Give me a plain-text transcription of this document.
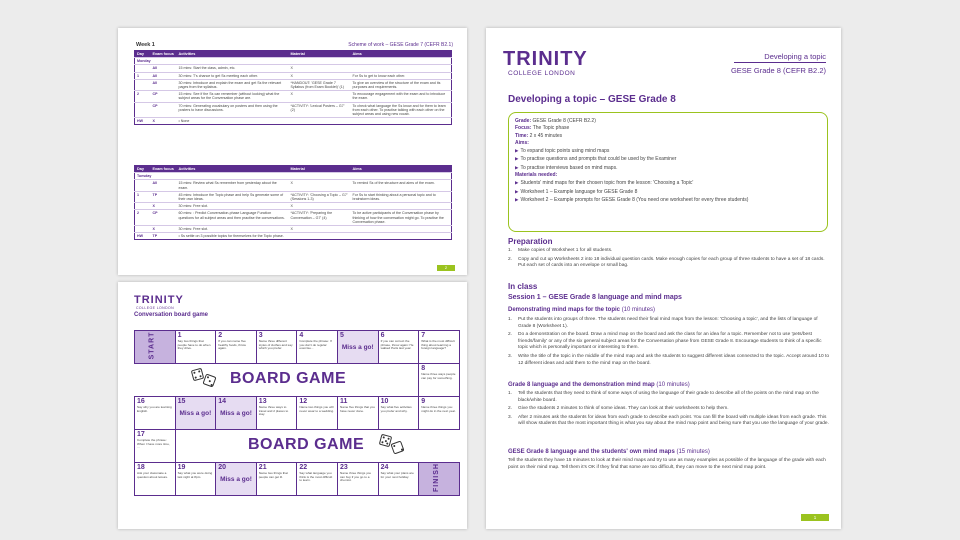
Week 1	Scheme of work – GESE Grade 7 (CEFR B2.1)
Day	Exam focus	Activities	Material	Aims
Monday				
	All	15 mins: Start the class, admin, etc.	X	
1	All	30 mins: T's chance to get Ss meeting each other.	X	For Ss to get to know each other.
	All	30 mins: Introduce and explain the exam and get Ss the relevant pages from the syllabus.	*HANDOUT: 'GESE Grade 7 Syllabus (from Exam Booklet)' (1)	To give an overview of the structure of the exam and its purposes and requirements.
2	CP	15 mins: See if the Ss can remember (without looking) what the subject areas for the Conversation phase are.	X	To encourage engagement with the exam and to introduce the exam.
	CP	70 mins: Generating vocabulary on posters and then using the posters to have discussions.	*ACTIVITY: 'Lexical Posters – G7' (2)	To check what language the Ss know and for them to learn from each other. To practise talking with each other on the subject areas and using new vocab.
HW	X	• None		
Day	Exam focus	Activities	Material	Aims
Tuesday				
	All	15 mins: Review what Ss remember from yesterday about the exam.	X	To remind Ss of the structure and aims of the exam.
1	TP	45 mins: Introduce the Topic phase and help Ss generate some of their own ideas.	*ACTIVITY: 'Choosing a Topic – G7' (Sessions 1-3)	For Ss to start thinking about a personal topic and to brainstorm ideas.
	X	30 mins: Free slot.	X	
2	CP	60 mins: : Predict Conversation-phase Language Function questions for all subject areas and then practise the conversations.	*ACTIVITY: 'Preparing the Conversation – G7' (4)	To be active participants of the Conversation phase by thinking of how the conversation might go. To practise the Conversation phase.
	X	30 mins: Free slot.	X	
HW	TP	• Ss settle on 3 possible topics for themselves for the Topic phase.		
2
TRINITY
COLLEGE LONDON
Conversation board game
START	1
Say two things that people have to do when they drive.
2
If you can name five healthy foods, throw again.
3
Name three different styles of clothes and say which you prefer.
4
Complete the phrase: If you don't do regular exercise...
5
Miss a go!
6
If you can correct the phrase, throw again: He walked Paris last year.
7
What is the most difficult thing about learning a foreign language?
8
Name three ways people can pay for something.
9
Name three things you might do in the next year.
10
Say what five activities you prefer and why.
11
Name five things that you have never done.
12
Name two things you will never wear to a wedding.
13
Name three ways to travel and 2 places to stay.
14
Miss a go!
15
Miss a go!
16
Say why you are learning English.
17
Complete the phrase: When I have more time, ...
18
Ask your classmate a question about leisure.
19
Say what you were doing last night at 8pm.
20
Miss a go!
21
Name two things that people can get ill.
22
Say what language you think is the most difficult to learn.
23
Name three things you can buy if you go to a chemist.
24
Say what your plans are for your next holiday.	FINISH
BOARD GAME
BOARD GAME
TRINITY
COLLEGE LONDON
Developing a topic
GESE Grade 8 (CEFR B2.2)
Developing a topic – GESE Grade 8
Grade: GESE Grade 8 (CEFR B2.2)
Focus: The Topic phase
Time: 2 x 45 minutes
Aims:
▶ To expand topic points using mind maps
▶ To practise questions and prompts that could be used by the Examiner
▶ To practise interviews based on mind maps.
Materials needed:
▶ Students' mind maps for their chosen topic from the lesson: 'Choosing a Topic'
▶ Worksheet 1 – Example language for GESE Grade 8
▶ Worksheet 2 – Example prompts for GESE Grade 8 (You need one worksheet for every three students)
Preparation
1.	Make copies of Worksheet 1 for all students.
2.	Copy and cut up Worksheets 2 into 18 individual question cards. Make enough copies for each group of three students to have a set of 18 cards. Put each set of cards into an envelope or small bag.
In class
Session 1 – GESE Grade 8 language and mind maps
Demonstrating mind maps for the topic (10 minutes)
1.	Put the students into groups of three. The students need their final mind maps from the lesson: 'Choosing a topic', and the lists of language of Grade 8 (Worksheet 1).
2.	Do a demonstration on the board. Draw a mind map on the board and ask the class for an idea for a topic. Remember not to use 'pets/best friends/family' or any of the six general subject areas for the Conversation phase from GESE Grade 8. Encourage students to think of a specific topic which is personally important or interesting to them.
3.	Write the title of the topic in the middle of the mind map and ask the students to suggest different ideas connected to the topic. Accept around 10 to 12 different ideas and add them to the mind map on the board.
Grade 8 language and the demonstration mind map (10 minutes)
1.	Tell the students that they need to think of some ways of using the language of their grade to describe all of the points on the mind map on the black/white board.
2.	Give the students 2 minutes to think of some ideas. They can look at their worksheets to help them.
3.	After 2 minutes ask the students for ideas from each grade to describe each point. You can fill the board with multiple ideas from each grade. This will show students that the most important thing is what you say about the mind map point and being sure that you use the language of your grade.
GESE Grade 8 language and the students' own mind maps (15 minutes)
Tell the students they have 15 minutes to look at their mind maps and try to use as many examples as possible of the language of the grade with each point on their mind map. Tell them it's OK if they find that some are too difficult, they can move to the next mind map point.
1
